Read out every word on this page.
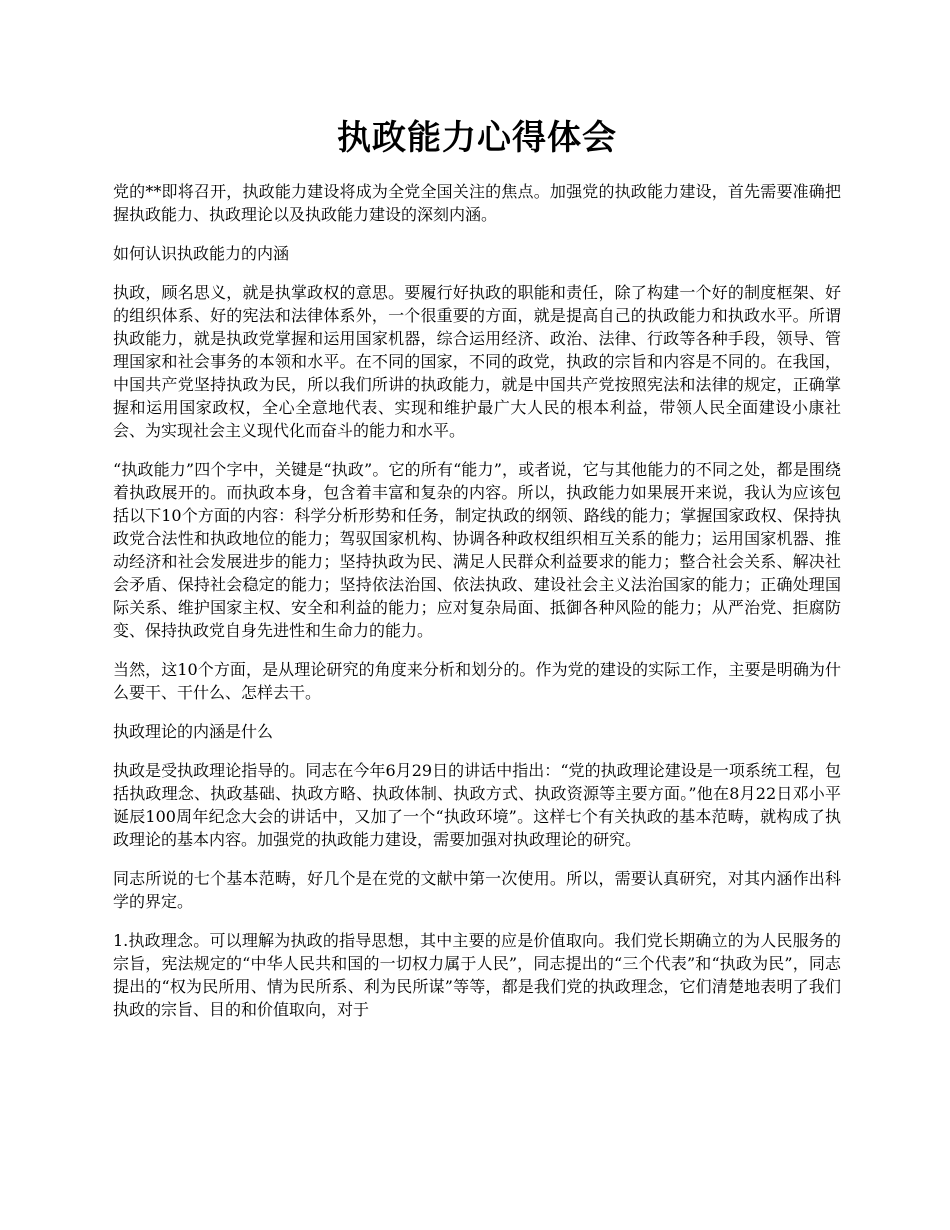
执政能力心得体会

党的**即将召开，执政能力建设将成为全党全国关注的焦点。加强党的执政能力建设，首先需要准确把握执政能力、执政理论以及执政能力建设的深刻内涵。

如何认识执政能力的内涵

执政，顾名思义，就是执掌政权的意思。要履行好执政的职能和责任，除了构建一个好的制度框架、好的组织体系、好的宪法和法律体系外，一个很重要的方面，就是提高自己的执政能力和执政水平。所谓执政能力，就是执政党掌握和运用国家机器，综合运用经济、政治、法律、行政等各种手段，领导、管理国家和社会事务的本领和水平。在不同的国家，不同的政党，执政的宗旨和内容是不同的。在我国，中国共产党坚持执政为民，所以我们所讲的执政能力，就是中国共产党按照宪法和法律的规定，正确掌握和运用国家政权，全心全意地代表、实现和维护最广大人民的根本利益，带领人民全面建设小康社会、为实现社会主义现代化而奋斗的能力和水平。

“执政能力”四个字中，关键是“执政”。它的所有“能力”，或者说，它与其他能力的不同之处，都是围绕着执政展开的。而执政本身，包含着丰富和复杂的内容。所以，执政能力如果展开来说，我认为应该包括以下10个方面的内容：科学分析形势和任务，制定执政的纲领、路线的能力；掌握国家政权、保持执政党合法性和执政地位的能力；驾驭国家机构、协调各种政权组织相互关系的能力；运用国家机器、推动经济和社会发展进步的能力；坚持执政为民、满足人民群众利益要求的能力；整合社会关系、解决社会矛盾、保持社会稳定的能力；坚持依法治国、依法执政、建设社会主义法治国家的能力；正确处理国际关系、维护国家主权、安全和利益的能力；应对复杂局面、抵御各种风险的能力；从严治党、拒腐防变、保持执政党自身先进性和生命力的能力。

当然，这10个方面，是从理论研究的角度来分析和划分的。作为党的建设的实际工作，主要是明确为什么要干、干什么、怎样去干。

执政理论的内涵是什么

执政是受执政理论指导的。同志在今年6月29日的讲话中指出：“党的执政理论建设是一项系统工程，包括执政理念、执政基础、执政方略、执政体制、执政方式、执政资源等主要方面。”他在8月22日邓小平诞辰100周年纪念大会的讲话中，又加了一个“执政环境”。这样七个有关执政的基本范畴，就构成了执政理论的基本内容。加强党的执政能力建设，需要加强对执政理论的研究。

同志所说的七个基本范畴，好几个是在党的文献中第一次使用。所以，需要认真研究，对其内涵作出科学的界定。

1.执政理念。可以理解为执政的指导思想，其中主要的应是价值取向。我们党长期确立的为人民服务的宗旨，宪法规定的“中华人民共和国的一切权力属于人民”，同志提出的“三个代表”和“执政为民”，同志提出的“权为民所用、情为民所系、利为民所谋”等等，都是我们党的执政理念，它们清楚地表明了我们执政的宗旨、目的和价值取向，对于
